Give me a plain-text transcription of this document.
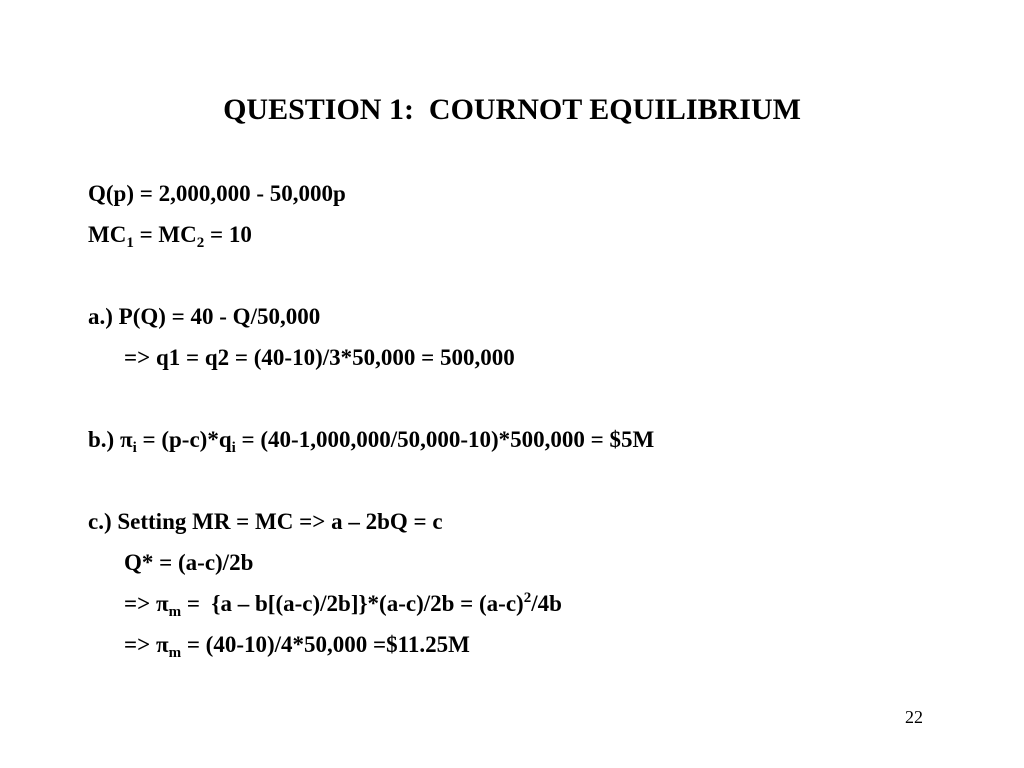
QUESTION 1:  COURNOT EQUILIBRIUM
Q(p) = 2,000,000 - 50,000p
$MC_1 = MC_2 = 10$
a.) P(Q) = 40 - Q/50,000
=> q1 = q2 = (40-10)/3*50,000 = 500,000
b.) $\pi_i = (p-c)*q_i = (40-1,000,000/50,000-10)*500,000$ = $5M
c.) Setting MR = MC => a – 2bQ = c
Q* = (a-c)/2b
=> $\pi_m = \{a - b[(a-c)/2b]\}*(a-c)/2b = (a-c)^2/4b$
=> $\pi_m = (40-10)/4*50,000$ =$11.25M
22
